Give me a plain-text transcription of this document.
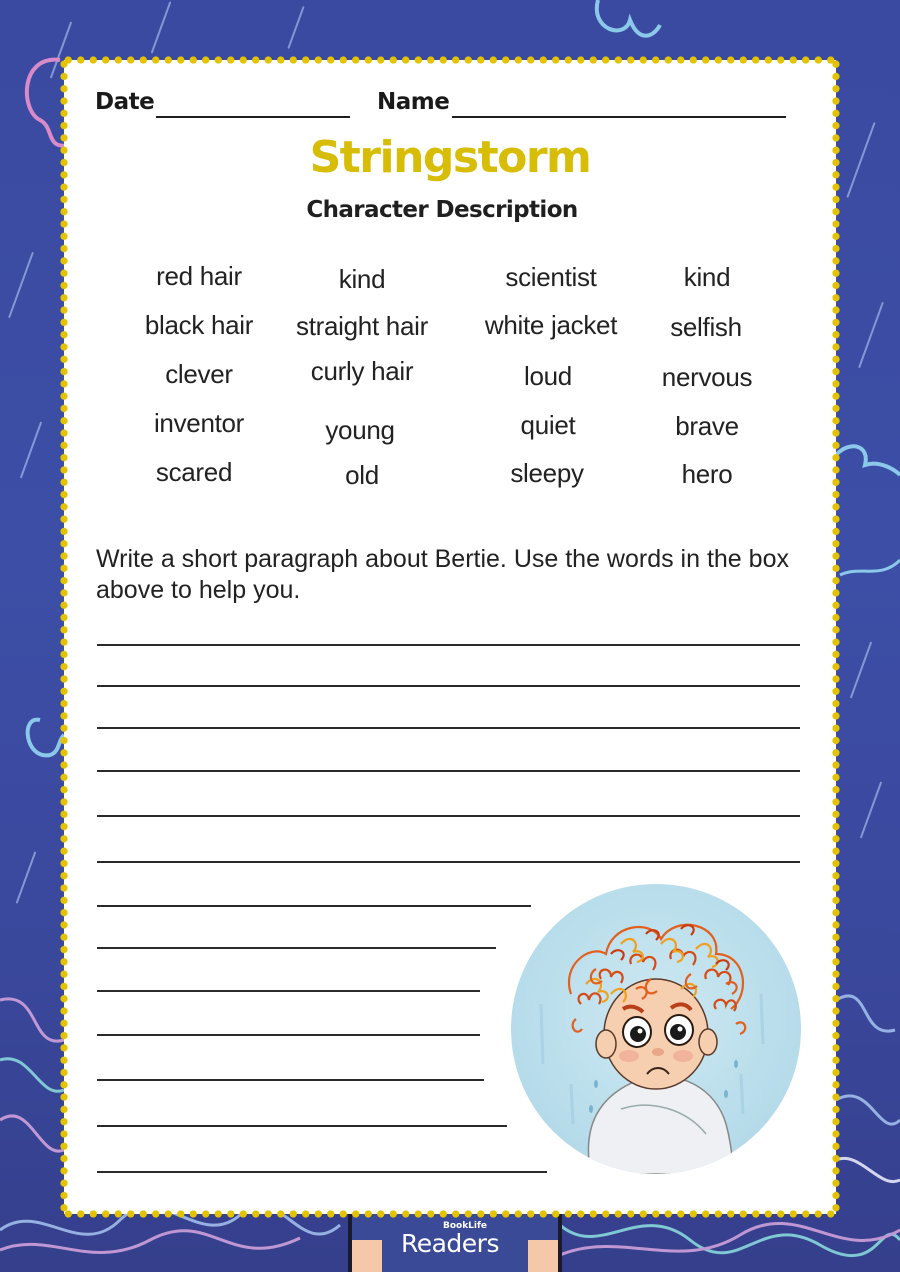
Date	Name
Stringstorm
Character Description
red hair
black hair
clever
inventor
scared
kind
straight hair
curly hair
young
old
scientist
white jacket
loud
quiet
sleepy
kind
selfish
nervous
brave
hero
Write a short paragraph about Bertie. Use the words in the box above to help you.
BookLife
Readers
